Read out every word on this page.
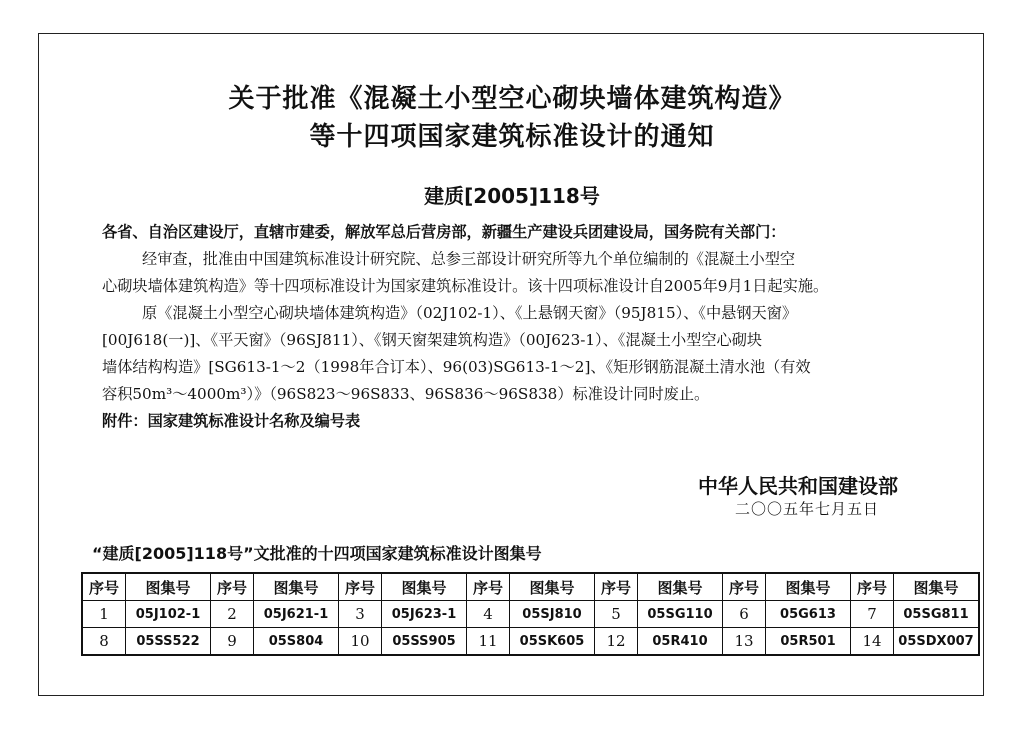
关于批准《混凝土小型空心砌块墙体建筑构造》
等十四项国家建筑标准设计的通知
建质[2005]118号

各省、自治区建设厅，直辖市建委，解放军总后营房部，新疆生产建设兵团建设局，国务院有关部门：

经审查，批准由中国建筑标准设计研究院、总参三部设计研究所等九个单位编制的《混凝土小型空

心砌块墙体建筑构造》等十四项标准设计为国家建筑标准设计。该十四项标准设计自2005年9月1日起实施。

原《混凝土小型空心砌块墙体建筑构造》（02J102-1）、《上悬钢天窗》（95J815）、《中悬钢天窗》

[00J618(一)]、《平天窗》（96SJ811）、《钢天窗架建筑构造》（00J623-1）、《混凝土小型空心砌块

墙体结构构造》[SG613-1～2（1998年合订本）、96(03)SG613-1～2]、《矩形钢筋混凝土清水池（有效

容积50m³～4000m³）》（96S823～96S833、96S836～96S838）标准设计同时废止。

附件：国家建筑标准设计名称及编号表

中华人民共和国建设部
二〇〇五年七月五日
“建质[2005]118号”文批准的十四项国家建筑标准设计图集号
序号	图集号	序号	图集号	序号	图集号	序号	图集号	序号	图集号	序号	图集号	序号	图集号
1	05J102-1	2	05J621-1	3	05J623-1	4	05SJ810	5	05SG110	6	05G613	7	05SG811
8	05SS522	9	05S804	10	05SS905	11	05SK605	12	05R410	13	05R501	14	05SDX007
